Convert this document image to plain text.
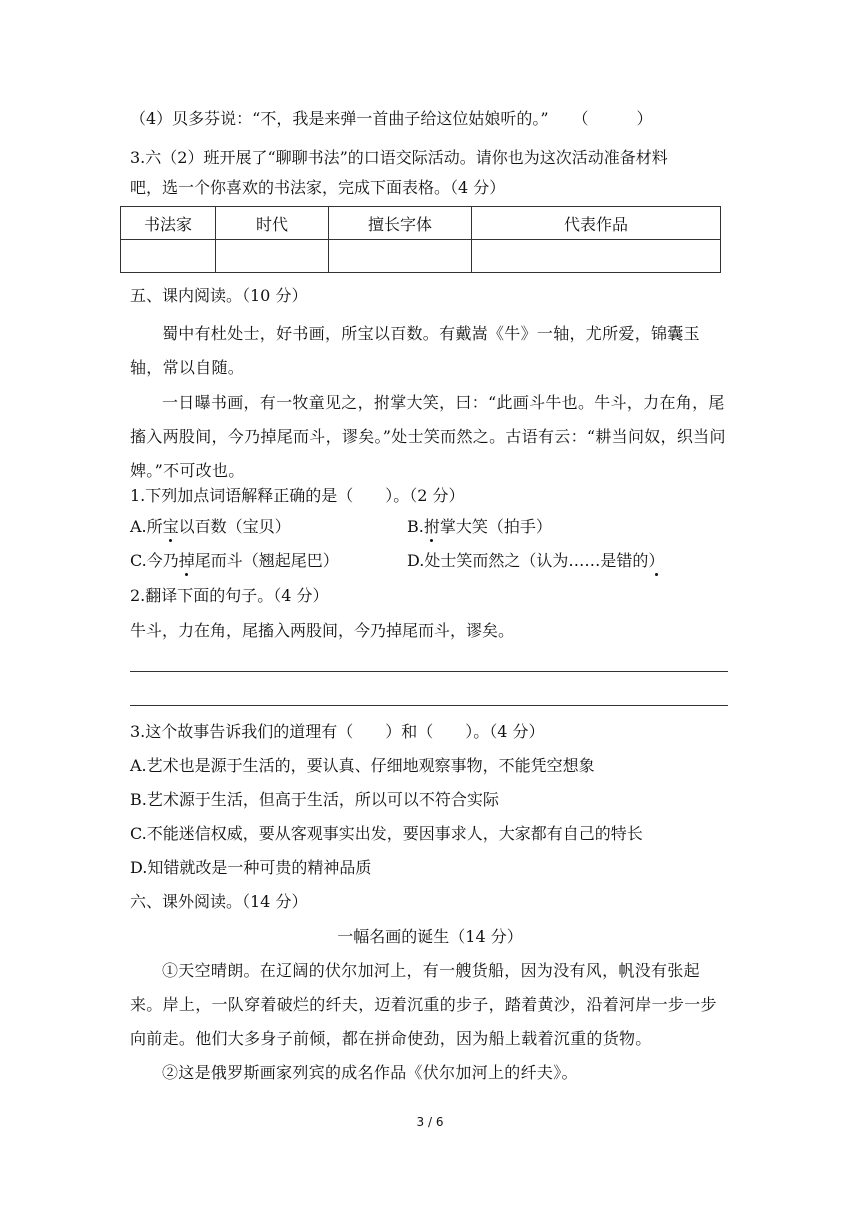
（4）贝多芬说：“不，我是来弹一首曲子给这位姑娘听的。”　　（　　　）
3.六（2）班开展了“聊聊书法”的口语交际活动。请你也为这次活动准备材料
吧，选一个你喜欢的书法家，完成下面表格。（4 分）
书法家	时代	擅长字体	代表作品

五、课内阅读。（10 分）
蜀中有杜处士，好书画，所宝以百数。有戴嵩《牛》一轴，尤所爱，锦囊玉轴，常以自随。
一日曝书画，有一牧童见之，拊掌大笑，曰：“此画斗牛也。牛斗，力在角，尾搐入两股间，今乃掉尾而斗，谬矣。”处士笑而然之。古语有云：“耕当问奴，织当问婢。”不可改也。
1.下列加点词语解释正确的是（　　）。（2 分）
A.所宝以百数（宝贝）	B.拊掌大笑（拍手）
C.今乃掉尾而斗（翘起尾巴）	D.处士笑而然之（认为……是错的）
2.翻译下面的句子。（4 分）
牛斗，力在角，尾搐入两股间，今乃掉尾而斗，谬矣。
3.这个故事告诉我们的道理有（　　）和（　　）。（4 分）
A.艺术也是源于生活的，要认真、仔细地观察事物，不能凭空想象
B.艺术源于生活，但高于生活，所以可以不符合实际
C.不能迷信权威，要从客观事实出发，要因事求人，大家都有自己的特长
D.知错就改是一种可贵的精神品质
六、课外阅读。（14 分）
一幅名画的诞生（14 分）
①天空晴朗。在辽阔的伏尔加河上，有一艘货船，因为没有风，帆没有张起来。岸上，一队穿着破烂的纤夫，迈着沉重的步子，踏着黄沙，沿着河岸一步一步向前走。他们大多身子前倾，都在拼命使劲，因为船上载着沉重的货物。
②这是俄罗斯画家列宾的成名作品《伏尔加河上的纤夫》。
3 / 6
